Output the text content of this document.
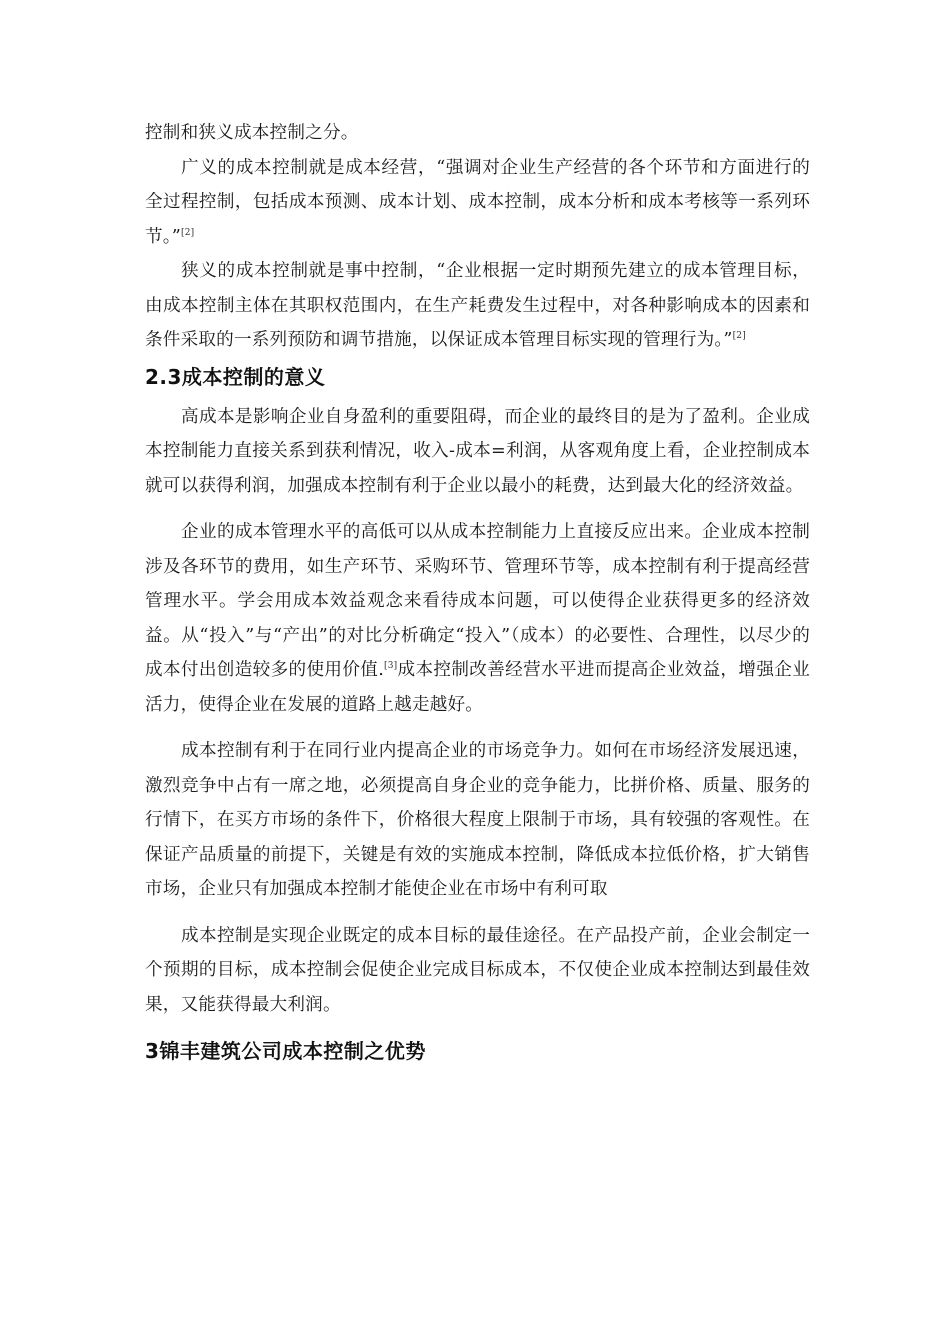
控制和狭义成本控制之分。

广义的成本控制就是成本经营，“强调对企业生产经营的各个环节和方面进行的全过程控制，包括成本预测、成本计划、成本控制，成本分析和成本考核等一系列环节。”[2]

狭义的成本控制就是事中控制，“企业根据一定时期预先建立的成本管理目标，由成本控制主体在其职权范围内，在生产耗费发生过程中，对各种影响成本的因素和条件采取的一系列预防和调节措施，以保证成本管理目标实现的管理行为。”[2]

2.3成本控制的意义

高成本是影响企业自身盈利的重要阻碍，而企业的最终目的是为了盈利。企业成本控制能力直接关系到获利情况，收入-成本=利润，从客观角度上看，企业控制成本就可以获得利润，加强成本控制有利于企业以最小的耗费，达到最大化的经济效益。

企业的成本管理水平的高低可以从成本控制能力上直接反应出来。企业成本控制涉及各环节的费用，如生产环节、采购环节、管理环节等，成本控制有利于提高经营管理水平。学会用成本效益观念来看待成本问题，可以使得企业获得更多的经济效益。从“投入”与“产出”的对比分析确定“投入”（成本）的必要性、合理性，以尽少的成本付出创造较多的使用价值.[3]成本控制改善经营水平进而提高企业效益，增强企业活力，使得企业在发展的道路上越走越好。

成本控制有利于在同行业内提高企业的市场竞争力。如何在市场经济发展迅速，激烈竞争中占有一席之地，必须提高自身企业的竞争能力，比拼价格、质量、服务的行情下，在买方市场的条件下，价格很大程度上限制于市场，具有较强的客观性。在保证产品质量的前提下，关键是有效的实施成本控制，降低成本拉低价格，扩大销售市场，企业只有加强成本控制才能使企业在市场中有利可取

成本控制是实现企业既定的成本目标的最佳途径。在产品投产前，企业会制定一个预期的目标，成本控制会促使企业完成目标成本，不仅使企业成本控制达到最佳效果，又能获得最大利润。

3锦丰建筑公司成本控制之优势
